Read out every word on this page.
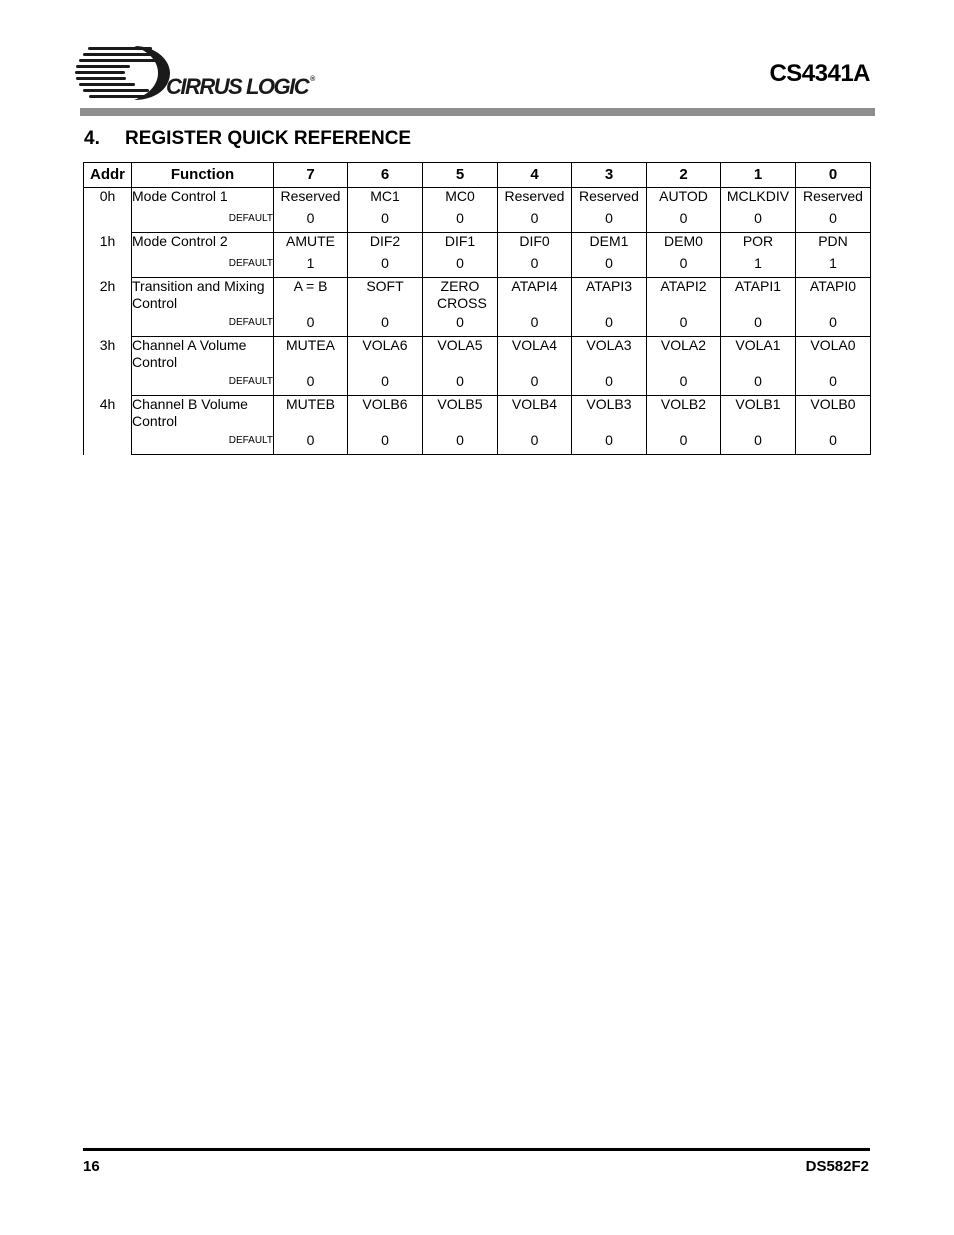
CIRRUS LOGIC ®	CS4341A
4. REGISTER QUICK REFERENCE
Addr	Function	7	6	5	4	3	2	1	0
0h	Mode Control 1	Reserved	MC1	MC0	Reserved	Reserved	AUTOD	MCLKDIV	Reserved
	DEFAULT	0	0	0	0	0	0	0	0
1h	Mode Control 2	AMUTE	DIF2	DIF1	DIF0	DEM1	DEM0	POR	PDN
	DEFAULT	1	0	0	0	0	0	1	1
2h	Transition and Mixing Control	A = B	SOFT	ZERO CROSS	ATAPI4	ATAPI3	ATAPI2	ATAPI1	ATAPI0
	DEFAULT	0	0	0	0	0	0	0	0
3h	Channel A Volume Control	MUTEA	VOLA6	VOLA5	VOLA4	VOLA3	VOLA2	VOLA1	VOLA0
	DEFAULT	0	0	0	0	0	0	0	0
4h	Channel B Volume Control	MUTEB	VOLB6	VOLB5	VOLB4	VOLB3	VOLB2	VOLB1	VOLB0
	DEFAULT	0	0	0	0	0	0	0	0
16	DS582F2
